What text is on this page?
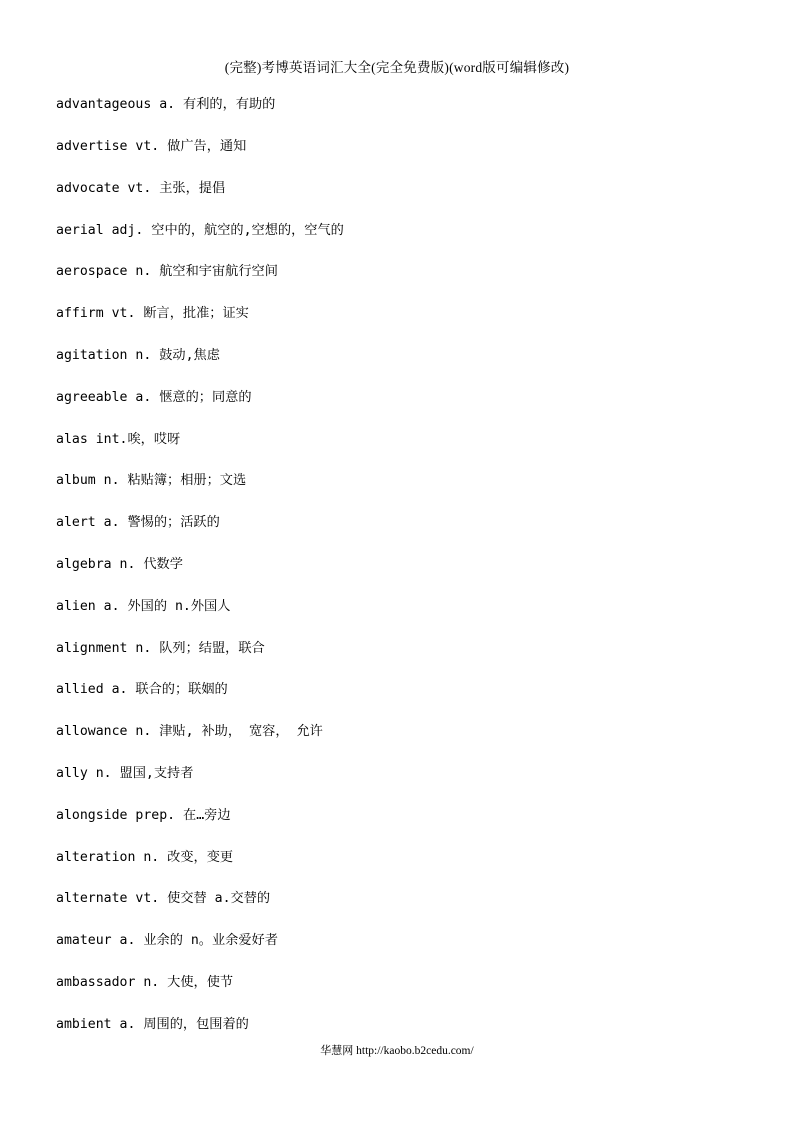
(完整)考博英语词汇大全(完全免费版)(word版可编辑修改)
advantageous a. 有利的，有助的
advertise vt. 做广告，通知
advocate vt. 主张，提倡
aerial adj. 空中的，航空的,空想的，空气的
aerospace n. 航空和宇宙航行空间
affirm vt. 断言，批准；证实
agitation n. 鼓动,焦虑
agreeable a. 惬意的；同意的
alas int.唉，哎呀
album n. 粘贴簿；相册；文选
alert a. 警惕的；活跃的
algebra n. 代数学
alien a. 外国的 n.外国人
alignment n. 队列；结盟，联合
allied a. 联合的；联姻的
allowance n. 津贴, 补助， 宽容， 允许
ally n. 盟国,支持者
alongside prep. 在…旁边
alteration n. 改变，变更
alternate vt. 使交替 a.交替的
amateur a. 业余的 n。业余爱好者
ambassador n. 大使，使节
ambient a. 周围的，包围着的
华慧网 http://kaobo.b2cedu.com/
